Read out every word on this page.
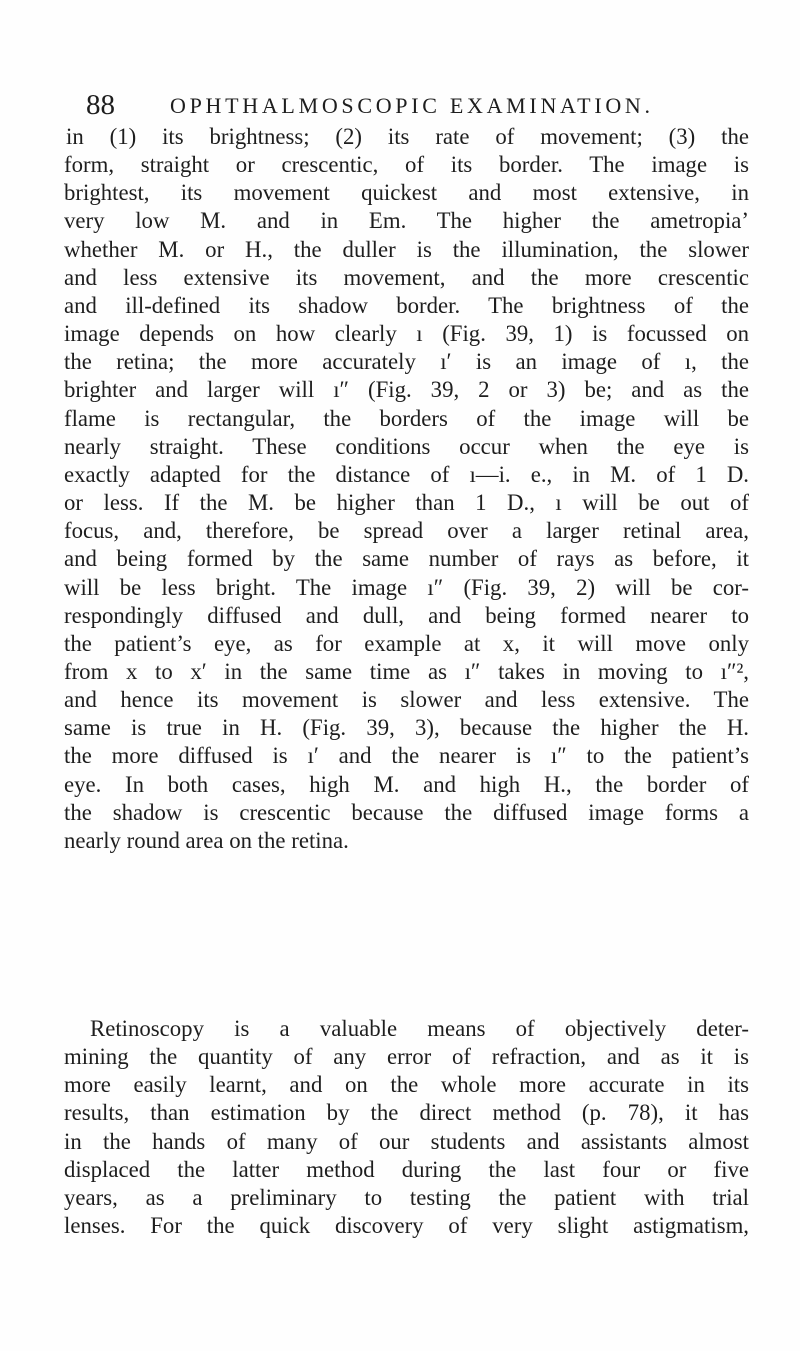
88	OPHTHALMOSCOPIC EXAMINATION.
in (1) its brightness; (2) its rate of movement; (3) the
form, straight or crescentic, of its border. The image is
brightest, its movement quickest and most extensive, in
very low M. and in Em. The higher the ametropiaʼ
whether M. or H., the duller is the illumination, the slower
and less extensive its movement, and the more crescentic
and ill-defined its shadow border. The brightness of the
image depends on how clearly ı (Fig. 39, 1) is focussed on
the retina; the more accurately ı′ is an image of ı, the
brighter and larger will ı″ (Fig. 39, 2 or 3) be; and as the
flame is rectangular, the borders of the image will be
nearly straight. These conditions occur when the eye is
exactly adapted for the distance of ı—i. e., in M. of 1 D.
or less. If the M. be higher than 1 D., ı will be out of
focus, and, therefore, be spread over a larger retinal area,
and being formed by the same number of rays as before, it
will be less bright. The image ı″ (Fig. 39, 2) will be cor-
respondingly diffused and dull, and being formed nearer to
the patient’s eye, as for example at x, it will move only
from x to x′ in the same time as ı″ takes in moving to ı″²,
and hence its movement is slower and less extensive. The
same is true in H. (Fig. 39, 3), because the higher the H.
the more diffused is ı′ and the nearer is ı″ to the patient’s
eye. In both cases, high M. and high H., the border of
the shadow is crescentic because the diffused image forms a
nearly round area on the retina.
Retinoscopy is a valuable means of objectively deter-
mining the quantity of any error of refraction, and as it is
more easily learnt, and on the whole more accurate in its
results, than estimation by the direct method (p. 78), it has
in the hands of many of our students and assistants almost
displaced the latter method during the last four or five
years, as a preliminary to testing the patient with trial
lenses. For the quick discovery of very slight astigmatism,
